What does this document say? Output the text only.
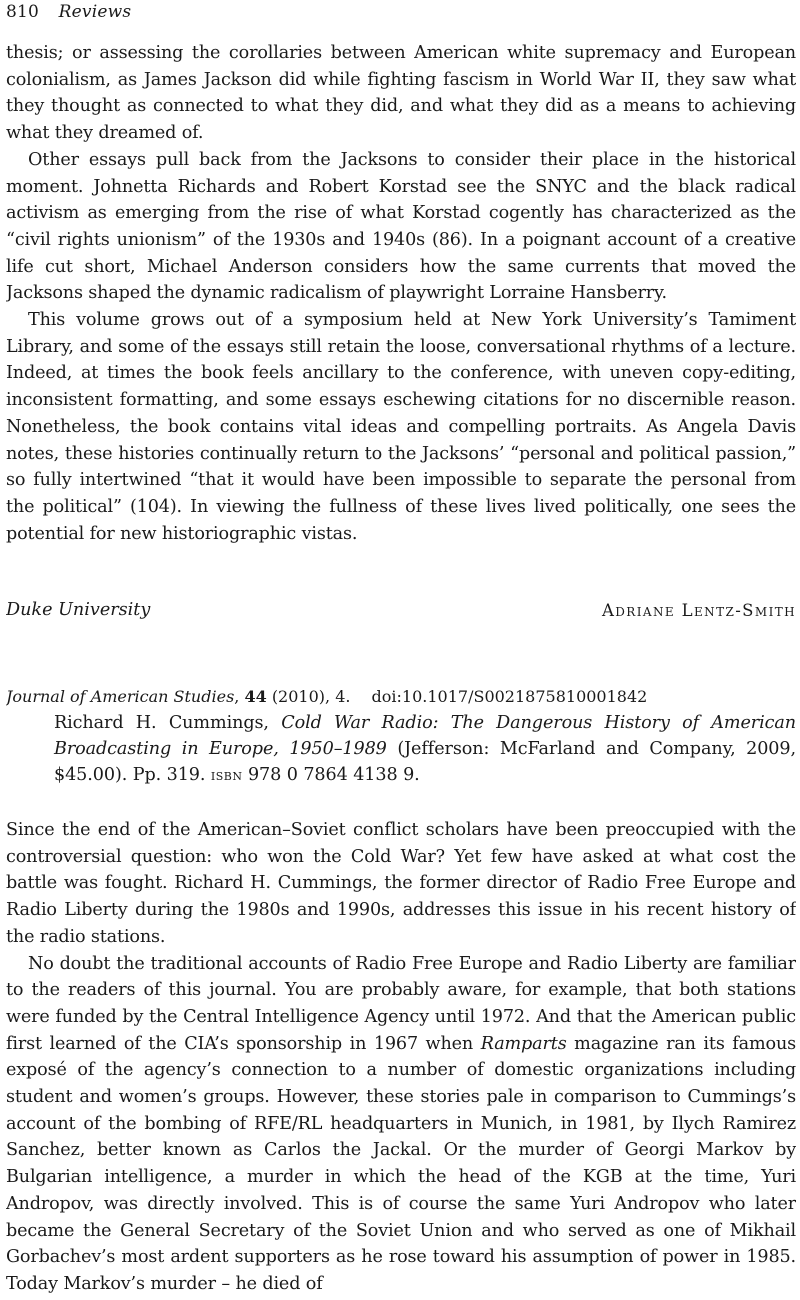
810 Reviews

thesis; or assessing the corollaries between American white supremacy and European colonialism, as James Jackson did while fighting fascism in World War II, they saw what they thought as connected to what they did, and what they did as a means to achieving what they dreamed of.

Other essays pull back from the Jacksons to consider their place in the historical moment. Johnetta Richards and Robert Korstad see the SNYC and the black radical activism as emerging from the rise of what Korstad cogently has characterized as the “civil rights unionism” of the 1930s and 1940s (86). In a poignant account of a creative life cut short, Michael Anderson considers how the same currents that moved the Jacksons shaped the dynamic radicalism of playwright Lorraine Hansberry.

This volume grows out of a symposium held at New York University’s Tamiment Library, and some of the essays still retain the loose, conversational rhythms of a lecture. Indeed, at times the book feels ancillary to the conference, with uneven copy-editing, inconsistent formatting, and some essays eschewing citations for no discernible reason. Nonetheless, the book contains vital ideas and compelling portraits. As Angela Davis notes, these histories continually return to the Jacksons’ “personal and political passion,” so fully intertwined “that it would have been impossible to separate the personal from the political” (104). In viewing the fullness of these lives lived politically, one sees the potential for new historiographic vistas.

Duke University	Adriane Lentz-Smith
Journal of American Studies, 44 (2010), 4. doi:10.1017/S0021875810001842
Richard H. Cummings, Cold War Radio: The Dangerous History of American Broadcasting in Europe, 1950–1989 (Jefferson: McFarland and Company, 2009, $45.00). Pp. 319. isbn 978 0 7864 4138 9.

Since the end of the American–Soviet conflict scholars have been preoccupied with the controversial question: who won the Cold War? Yet few have asked at what cost the battle was fought. Richard H. Cummings, the former director of Radio Free Europe and Radio Liberty during the 1980s and 1990s, addresses this issue in his recent history of the radio stations.

No doubt the traditional accounts of Radio Free Europe and Radio Liberty are familiar to the readers of this journal. You are probably aware, for example, that both stations were funded by the Central Intelligence Agency until 1972. And that the American public first learned of the CIA’s sponsorship in 1967 when Ramparts magazine ran its famous exposé of the agency’s connection to a number of domestic organizations including student and women’s groups. However, these stories pale in comparison to Cummings’s account of the bombing of RFE/RL headquarters in Munich, in 1981, by Ilych Ramirez Sanchez, better known as Carlos the Jackal. Or the murder of Georgi Markov by Bulgarian intelligence, a murder in which the head of the KGB at the time, Yuri Andropov, was directly involved. This is of course the same Yuri Andropov who later became the General Secretary of the Soviet Union and who served as one of Mikhail Gorbachev’s most ardent supporters as he rose toward his assumption of power in 1985. Today Markov’s murder – he died of
